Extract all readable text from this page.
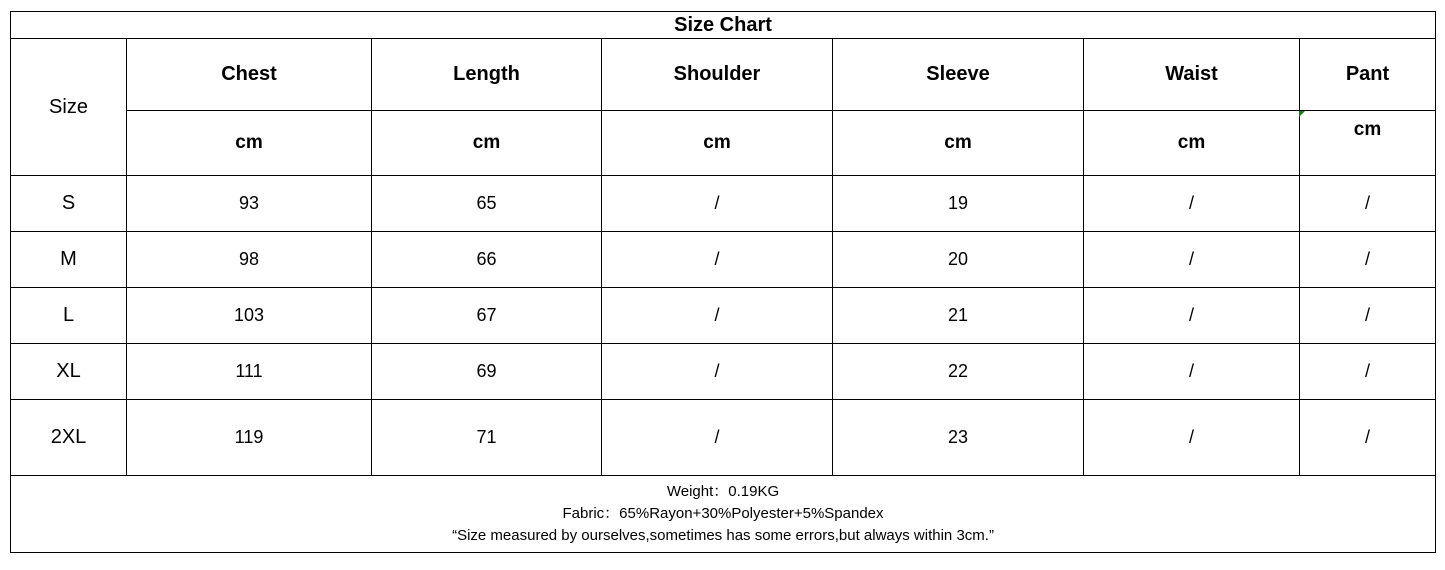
Size Chart						
Size	Chest	Length	Shoulder	Sleeve	Waist	Pant
	cm	cm	cm	cm	cm	cm
S	93	65	/	19	/	/
M	98	66	/	20	/	/
L	103	67	/	21	/	/
XL	111	69	/	22	/	/
2XL	119	71	/	23	/	/

Weight：0.19KG
Fabric：65%Rayon+30%Polyester+5%Spandex
“Size measured by ourselves,sometimes has some errors,but always within 3cm.”						
